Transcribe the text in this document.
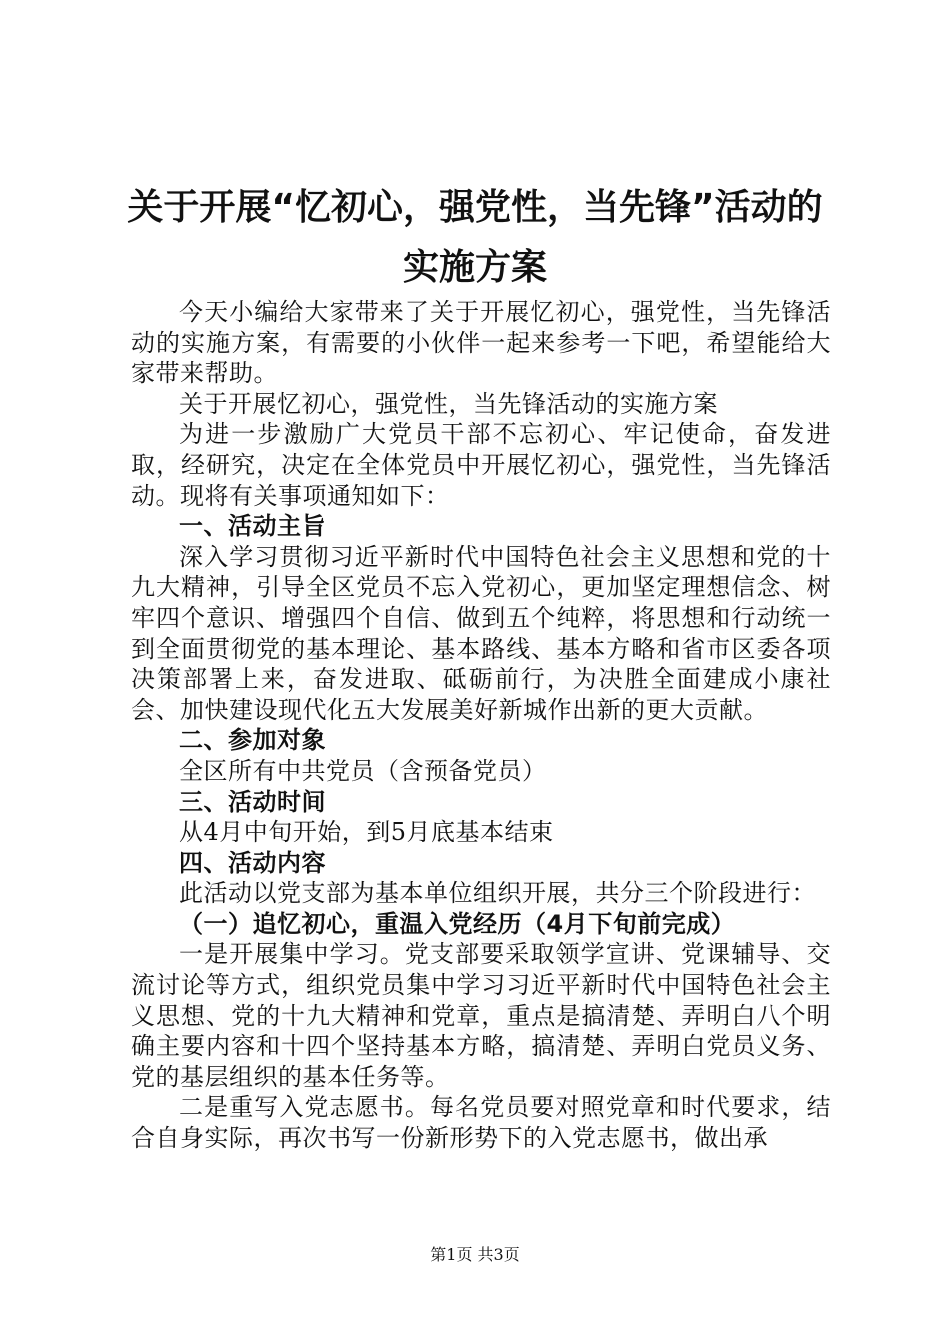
关于开展“忆初心，强党性，当先锋”活动的
实施方案

今天小编给大家带来了关于开展忆初心，强党性，当先锋活动的实施方案，有需要的小伙伴一起来参考一下吧，希望能给大家带来帮助。

关于开展忆初心，强党性，当先锋活动的实施方案

为进一步激励广大党员干部不忘初心、牢记使命，奋发进取，经研究，决定在全体党员中开展忆初心，强党性，当先锋活动。现将有关事项通知如下：

一、活动主旨

深入学习贯彻习近平新时代中国特色社会主义思想和党的十九大精神，引导全区党员不忘入党初心，更加坚定理想信念、树牢四个意识、增强四个自信、做到五个纯粹，将思想和行动统一到全面贯彻党的基本理论、基本路线、基本方略和省市区委各项决策部署上来，奋发进取、砥砺前行，为决胜全面建成小康社会、加快建设现代化五大发展美好新城作出新的更大贡献。

二、参加对象

全区所有中共党员（含预备党员）

三、活动时间

从4月中旬开始，到5月底基本结束

四、活动内容

此活动以党支部为基本单位组织开展，共分三个阶段进行：

（一）追忆初心，重温入党经历（4月下旬前完成）

一是开展集中学习。党支部要采取领学宣讲、党课辅导、交流讨论等方式，组织党员集中学习习近平新时代中国特色社会主义思想、党的十九大精神和党章，重点是搞清楚、弄明白八个明确主要内容和十四个坚持基本方略，搞清楚、弄明白党员义务、党的基层组织的基本任务等。

二是重写入党志愿书。每名党员要对照党章和时代要求，结合自身实际，再次书写一份新形势下的入党志愿书，做出承

第1页 共3页
